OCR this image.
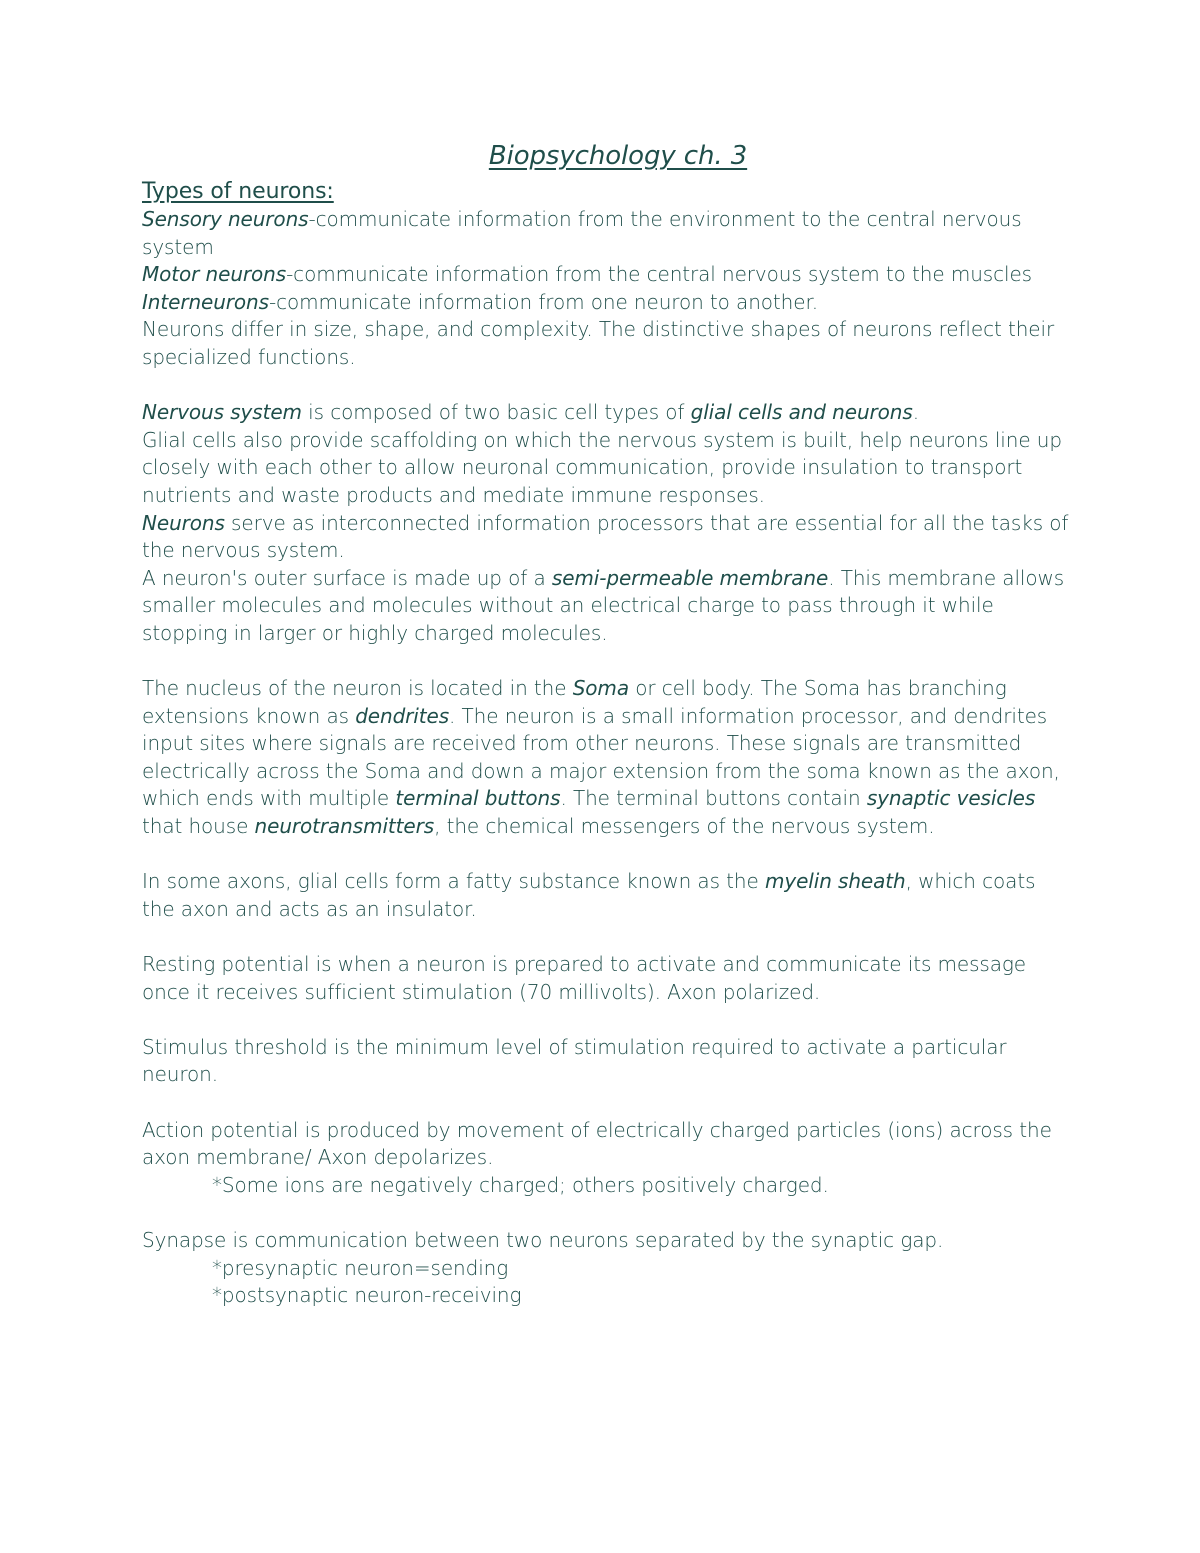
Biopsychology ch. 3
Types of neurons:

Sensory neurons-communicate information from the environment to the central nervous system

Motor neurons-communicate information from the central nervous system to the muscles

Interneurons-communicate information from one neuron to another.

Neurons differ in size, shape, and complexity. The distinctive shapes of neurons reflect their specialized functions.

Nervous system is composed of two basic cell types of glial cells and neurons.

Glial cells also provide scaffolding on which the nervous system is built, help neurons line up closely with each other to allow neuronal communication, provide insulation to transport nutrients and waste products and mediate immune responses.

Neurons serve as interconnected information processors that are essential for all the tasks of the nervous system.

A neuron's outer surface is made up of a semi-permeable membrane. This membrane allows smaller molecules and molecules without an electrical charge to pass through it while stopping in larger or highly charged molecules.

The nucleus of the neuron is located in the Soma or cell body. The Soma has branching extensions known as dendrites. The neuron is a small information processor, and dendrites input sites where signals are received from other neurons. These signals are transmitted electrically across the Soma and down a major extension from the soma known as the axon, which ends with multiple terminal buttons. The terminal buttons contain synaptic vesicles that house neurotransmitters, the chemical messengers of the nervous system.

In some axons, glial cells form a fatty substance known as the myelin sheath, which coats the axon and acts as an insulator.

Resting potential is when a neuron is prepared to activate and communicate its message once it receives sufficient stimulation (70 millivolts). Axon polarized.

Stimulus threshold is the minimum level of stimulation required to activate a particular neuron.

Action potential is produced by movement of electrically charged particles (ions) across the axon membrane/ Axon depolarizes.

*Some ions are negatively charged; others positively charged.

Synapse is communication between two neurons separated by the synaptic gap.

*presynaptic neuron=sending

*postsynaptic neuron-receiving
